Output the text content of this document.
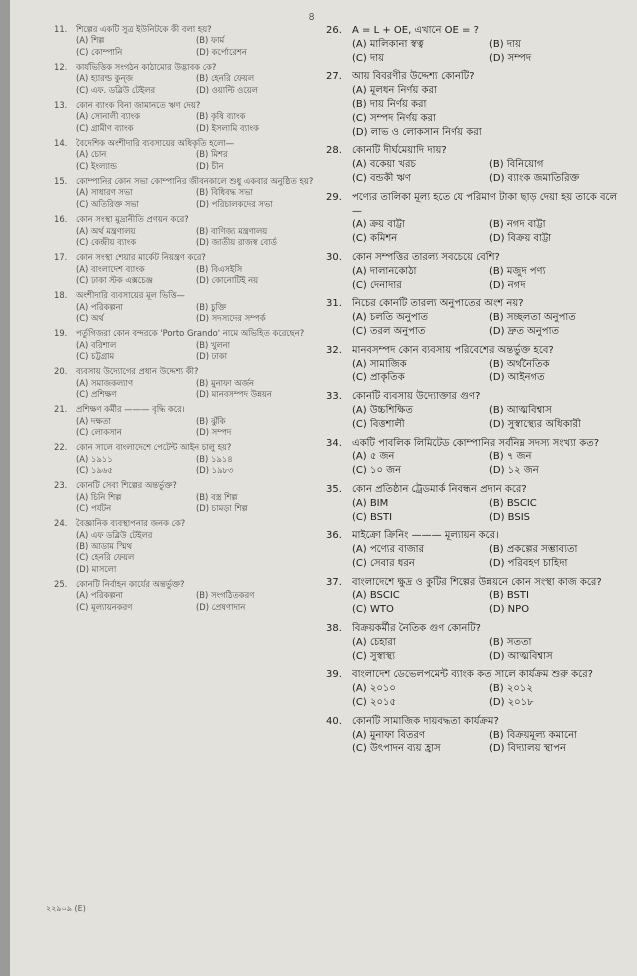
৪
11.	শিল্পের একটি সুত্র ইউনিটকে কী বলা হয়?
(A) শিল্প	(B) ফার্ম
(C) কোম্পানি	(D) কর্পোরেশন
12.	কার্যভিত্তিক সংগঠন কাঠামোর উদ্ভাবক কে?
(A) হ্যারল্ড কুন্জ	(B) হেনরি ফেয়ল
(C) এফ. ডব্লিউ টেইলর	(D) ওয়াল্টি ওয়েল
13.	কোন ব্যাংক বিনা জামানতে ঋণ দেয়?
(A) সোনালী ব্যাংক	(B) কৃষি ব্যাংক
(C) গ্রামীণ ব্যাংক	(D) ইসলামি ব্যাংক
14.	বৈদেশিক অংশীদারি ব্যবসায়ের অধিকৃতি হলো—
(A) চোন	(B) মিশর
(C) ইংল্যান্ড	(D) চীন
15.	কোম্পানির কোন সভা কোম্পানির জীবনকালে শুধু একবার অনুষ্ঠিত হয়?
(A) সাধারণ সভা	(B) বিধিবদ্ধ সভা
(C) অতিরিক্ত সভা	(D) পরিচালকদের সভা
16.	কোন সংস্থা মুদ্রানীতি প্রণয়ন করে?
(A) অর্থ মন্ত্রণালয়	(B) বাণিজ্য মন্ত্রণালয়
(C) কেন্দ্রীয় ব্যাংক	(D) জাতীয় রাজস্ব বোর্ড
17.	কোন সংস্থা শেয়ার মার্কেট নিয়ন্ত্রণ করে?
(A) বাংলাদেশ ব্যাংক	(B) বিএসইসি
(C) ঢাকা স্টক এক্সচেঞ্জ	(D) কোনোটিই নয়
18.	অংশীদারি ব্যবসায়ের মূল ভিত্তি—
(A) পরিকল্পনা	(B) চুক্তি
(C) অর্থ	(D) সদস্যদের সম্পর্ক
19.	পর্তুগিজরা কোন বন্দরকে 'Porto Grando' নামে অভিহিত করেছেন?
(A) বরিশাল	(B) খুলনা
(C) চট্টগ্রাম	(D) ঢাকা
20.	ব্যবসায় উদ্যোগের প্রধান উদ্দেশ্য কী?
(A) সমাজকল্যাণ	(B) মুনাফা অর্জন
(C) প্রশিক্ষণ	(D) মানবসম্পদ উন্নয়ন
21.	প্রশিক্ষণ কর্মীর ——— বৃদ্ধি করে।
(A) দক্ষতা	(B) ঝুঁকি
(C) লোকসান	(D) সম্পদ
22.	কোন সালে বাংলাদেশে পেটেন্ট আইন চালু হয়?
(A) ১৯১১	(B) ১৯১৪
(C) ১৯৬৫	(D) ১৯৮৩
23.	কোনটি সেবা শিল্পের অন্তর্ভুক্ত?
(A) চিনি শিল্প	(B) বস্ত্র শিল্প
(C) পর্যটন	(D) চামড়া শিল্প
24.	বৈজ্ঞানিক ব্যবস্থাপনার জনক কে?
(A) এফ ডব্লিউ টেইলর
(B) আডাম স্মিথ
(C) হেনরি ফেয়ল
(D) মাসলো
25.	কোনটি নির্বাহন কার্যের অন্তর্ভুক্ত?
(A) পরিকল্পনা	(B) সংগঠিতকরণ
(C) মূল্যায়নকরণ	(D) প্রেষণাদান
26.	A = L + OE, এখানে OE = ?
(A) মালিকানা স্বত্ব	(B) দায়
(C) দায়	(D) সম্পদ
27.	আয় বিবরণীর উদ্দেশ্য কোনটি?
(A) মূলধন নির্ণয় করা
(B) দায় নির্ণয় করা
(C) সম্পদ নির্ণয় করা
(D) লাভ ও লোকসান নির্ণয় করা
28.	কোনটি দীর্ঘমেয়াদি দায়?
(A) বকেয়া খরচ	(B) বিনিয়োগ
(C) বন্ডকী ঋণ	(D) ব্যাংক জমাতিরিক্ত
29.	পণ্যের তালিকা মূল্য হতে যে পরিমাণ টাকা ছাড় দেয়া হয় তাকে বলে—
(A) ক্রয় বাট্টা	(B) নগদ বাট্টা
(C) কমিশন	(D) বিক্রয় বাট্টা
30.	কোন সম্পত্তির তারল্য সবচেয়ে বেশি?
(A) দালানকোঠা	(B) মজুদ পণ্য
(C) দেনাদার	(D) নগদ
31.	নিচের কোনটি তারল্য অনুপাতের অংশ নয়?
(A) চলতি অনুপাত	(B) সচ্ছলতা অনুপাত
(C) তরল অনুপাত	(D) দ্রুত অনুপাত
32.	মানবসম্পদ কোন ব্যবসায় পরিবেশের অন্তর্ভুক্ত হবে?
(A) সামাজিক	(B) অর্থনৈতিক
(C) প্রাকৃতিক	(D) আইনগত
33.	কোনটি ব্যবসায় উদ্যোক্তার গুণ?
(A) উচ্চশিক্ষিত	(B) আত্মবিশ্বাস
(C) বিত্তশালী	(D) সুস্বাস্থ্যের অধিকারী
34.	একটি পাবলিক লিমিটেড কোম্পানির সর্বনিম্ন সদস্য সংখ্যা কত?
(A) ৫ জন	(B) ৭ জন
(C) ১০ জন	(D) ১২ জন
35.	কোন প্রতিষ্ঠান ট্রেডমার্ক নিবন্ধন প্রদান করে?
(A) BIM	(B) BSCIC
(C) BSTI	(D) BSIS
36.	মাইক্রো ক্রিনিং ——— মূল্যায়ন করে।
(A) পণ্যের বাজার	(B) প্রকল্পের সম্ভাব্যতা
(C) সেবার ধরন	(D) পরিবহণ চাহিদা
37.	বাংলাদেশে ক্ষুদ্র ও কুটির শিল্পের উন্নয়নে কোন সংস্থা কাজ করে?
(A) BSCIC	(B) BSTI
(C) WTO	(D) NPO
38.	বিক্রয়কর্মীর নৈতিক গুণ কোনটি?
(A) চেহারা	(B) সততা
(C) সুস্বাস্থ্য	(D) আত্মবিশ্বাস
39.	বাংলাদেশ ডেভেলপমেন্ট ব্যাংক কত সালে কার্যক্রম শুরু করে?
(A) ২০১০	(B) ২০১২
(C) ২০১৫	(D) ২০১৮
40.	কোনটি সামাজিক দায়বদ্ধতা কার্যক্রম?
(A) মুনাফা বিতরণ	(B) বিক্রয়মূল্য কমানো
(C) উৎপাদন ব্যয় হ্রাস	(D) বিদ্যালয় স্থাপন
২২৯০৯ (E)
